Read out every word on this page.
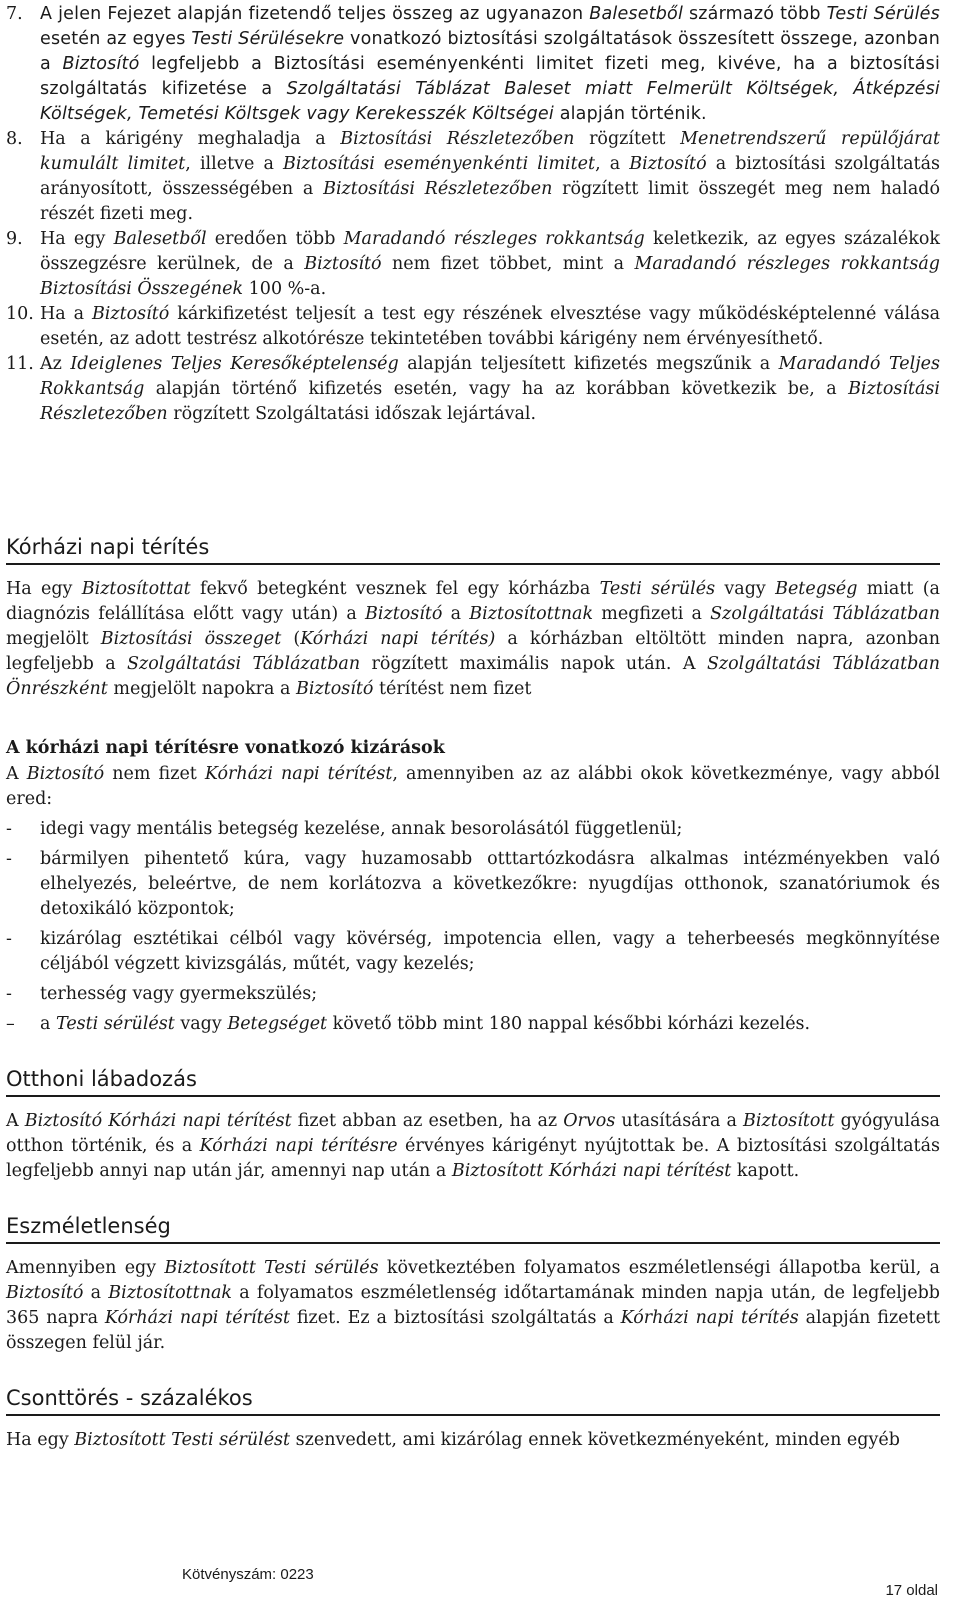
7. A jelen Fejezet alapján fizetendő teljes összeg az ugyanazon Balesetből származó több Testi Sérülés esetén az egyes Testi Sérülésekre vonatkozó biztosítási szolgáltatások összesített összege, azonban a Biztosító legfeljebb a Biztosítási eseményenkénti limitet fizeti meg, kivéve, ha a biztosítási szolgáltatás kifizetése a Szolgáltatási Táblázat Baleset miatt Felmerült Költségek, Átképzési Költségek, Temetési Költsgek vagy Kerekesszék Költségei alapján történik.
8. Ha a kárigény meghaladja a Biztosítási Részletezőben rögzített Menetrendszerű repülőjárat kumulált limitet, illetve a Biztosítási eseményenkénti limitet, a Biztosító a biztosítási szolgáltatás arányosított, összességében a Biztosítási Részletezőben rögzített limit összegét meg nem haladó részét fizeti meg.
9. Ha egy Balesetből eredően több Maradandó részleges rokkantság keletkezik, az egyes százalékok összegzésre kerülnek, de a Biztosító nem fizet többet, mint a Maradandó részleges rokkantság Biztosítási Összegének 100 %-a.
10. Ha a Biztosító kárkifizetést teljesít a test egy részének elvesztése vagy működésképtelenné válása esetén, az adott testrész alkotórésze tekintetében további kárigény nem érvényesíthető.
11. Az Ideiglenes Teljes Keresőképtelenség alapján teljesített kifizetés megszűnik a Maradandó Teljes Rokkantság alapján történő kifizetés esetén, vagy ha az korábban következik be, a Biztosítási Részletezőben rögzített Szolgáltatási időszak lejártával.
Kórházi napi térítés

Ha egy Biztosítottat fekvő betegként vesznek fel egy kórházba Testi sérülés vagy Betegség miatt (a diagnózis felállítása előtt vagy után) a Biztosító a Biztosítottnak megfizeti a Szolgáltatási Táblázatban megjelölt Biztosítási összeget (Kórházi napi térítés) a kórházban eltöltött minden napra, azonban legfeljebb a Szolgáltatási Táblázatban rögzített maximális napok után. A Szolgáltatási Táblázatban Önrészként megjelölt napokra a Biztosító térítést nem fizet

A kórházi napi térítésre vonatkozó kizárások

A Biztosító nem fizet Kórházi napi térítést, amennyiben az az alábbi okok következménye, vagy abból ered:

-	idegi vagy mentális betegség kezelése, annak besorolásától függetlenül;
-	bármilyen pihentető kúra, vagy huzamosabb otttartózkodásra alkalmas intézményekben való elhelyezés, beleértve, de nem korlátozva a következőkre: nyugdíjas otthonok, szanatóriumok és detoxikáló központok;
-	kizárólag esztétikai célból vagy kövérség, impotencia ellen, vagy a teherbeesés megkönnyítése céljából végzett kivizsgálás, műtét, vagy kezelés;
-	terhesség vagy gyermekszülés;
–	a Testi sérülést vagy Betegséget követő több mint 180 nappal későbbi kórházi kezelés.
Otthoni lábadozás

A Biztosító Kórházi napi térítést fizet abban az esetben, ha az Orvos utasítására a Biztosított gyógyulása otthon történik, és a Kórházi napi térítésre érvényes kárigényt nyújtottak be. A biztosítási szolgáltatás legfeljebb annyi nap után jár, amennyi nap után a Biztosított Kórházi napi térítést kapott.

Eszméletlenség

Amennyiben egy Biztosított Testi sérülés következtében folyamatos eszméletlenségi állapotba kerül, a Biztosító a Biztosítottnak a folyamatos eszméletlenség időtartamának minden napja után, de legfeljebb 365 napra Kórházi napi térítést fizet. Ez a biztosítási szolgáltatás a Kórházi napi térítés alapján fizetett összegen felül jár.

Csonttörés - százalékos

Ha egy Biztosított Testi sérülést szenvedett, ami kizárólag ennek következményeként, minden egyéb

Kötvényszám: 0223
17 oldal
